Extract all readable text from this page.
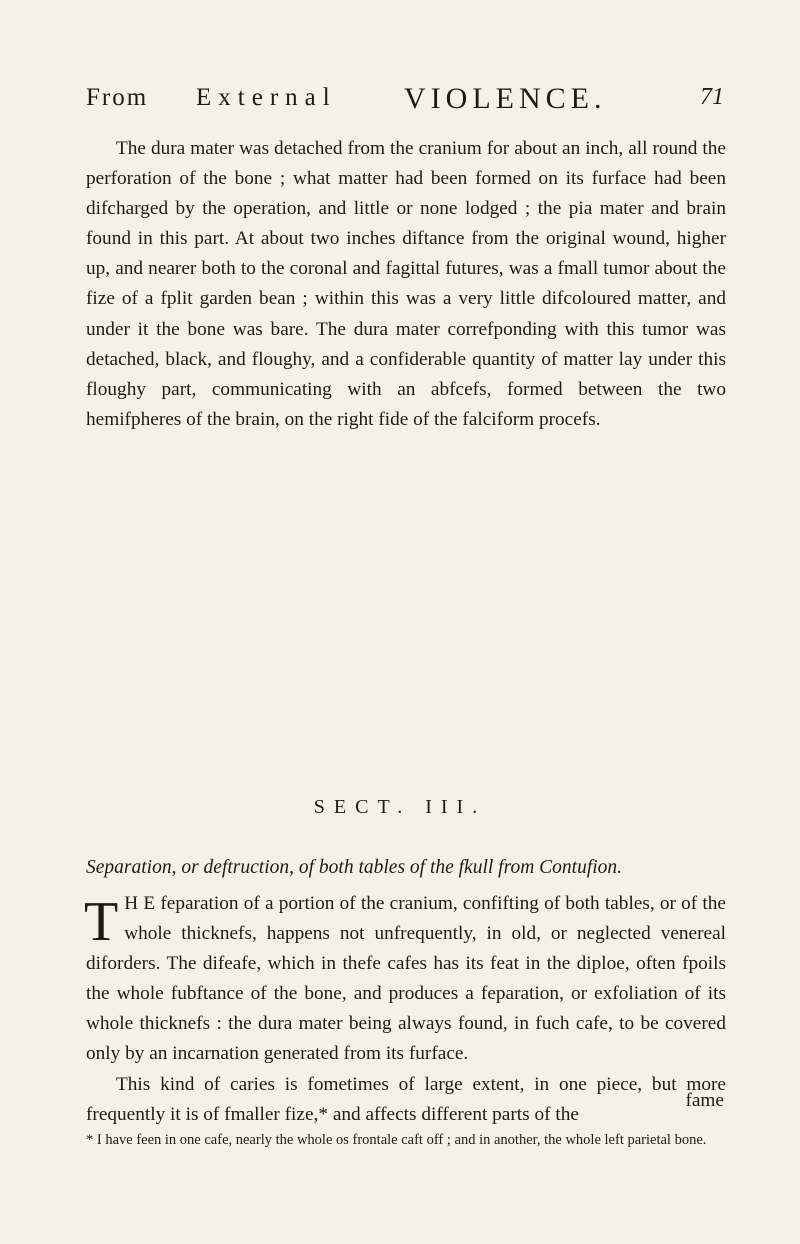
From External VIOLENCE.	71

The dura mater was detached from the cranium for about an inch, all round the perforation of the bone ; what matter had been formed on its furface had been difcharged by the operation, and little or none lodged ; the pia mater and brain found in this part. At about two inches diftance from the original wound, higher up, and nearer both to the coronal and fagittal futures, was a fmall tumor about the fize of a fplit garden bean ; within this was a very little difcoloured matter, and under it the bone was bare. The dura mater correfponding with this tumor was detached, black, and floughy, and a confiderable quantity of matter lay under this floughy part, communicating with an abfcefs, formed between the two hemifpheres of the brain, on the right fide of the falciform procefs.

SECT. III.
Separation, or deftruction, of both tables of the fkull from Contufion.

T H E feparation of a portion of the cranium, confifting of both tables, or of the whole thicknefs, happens not unfrequently, in old, or neglected venereal diforders. The difeafe, which in thefe cafes has its feat in the diploe, often fpoils the whole fubftance of the bone, and produces a feparation, or exfoliation of its whole thicknefs : the dura mater being always found, in fuch cafe, to be covered only by an incarnation generated from its furface.

This kind of caries is fometimes of large extent, in one piece, but more frequently it is of fmaller fize,* and affects different parts of the

fame
* I have feen in one cafe, nearly the whole os frontale caft off ; and in another, the whole left parietal bone.
